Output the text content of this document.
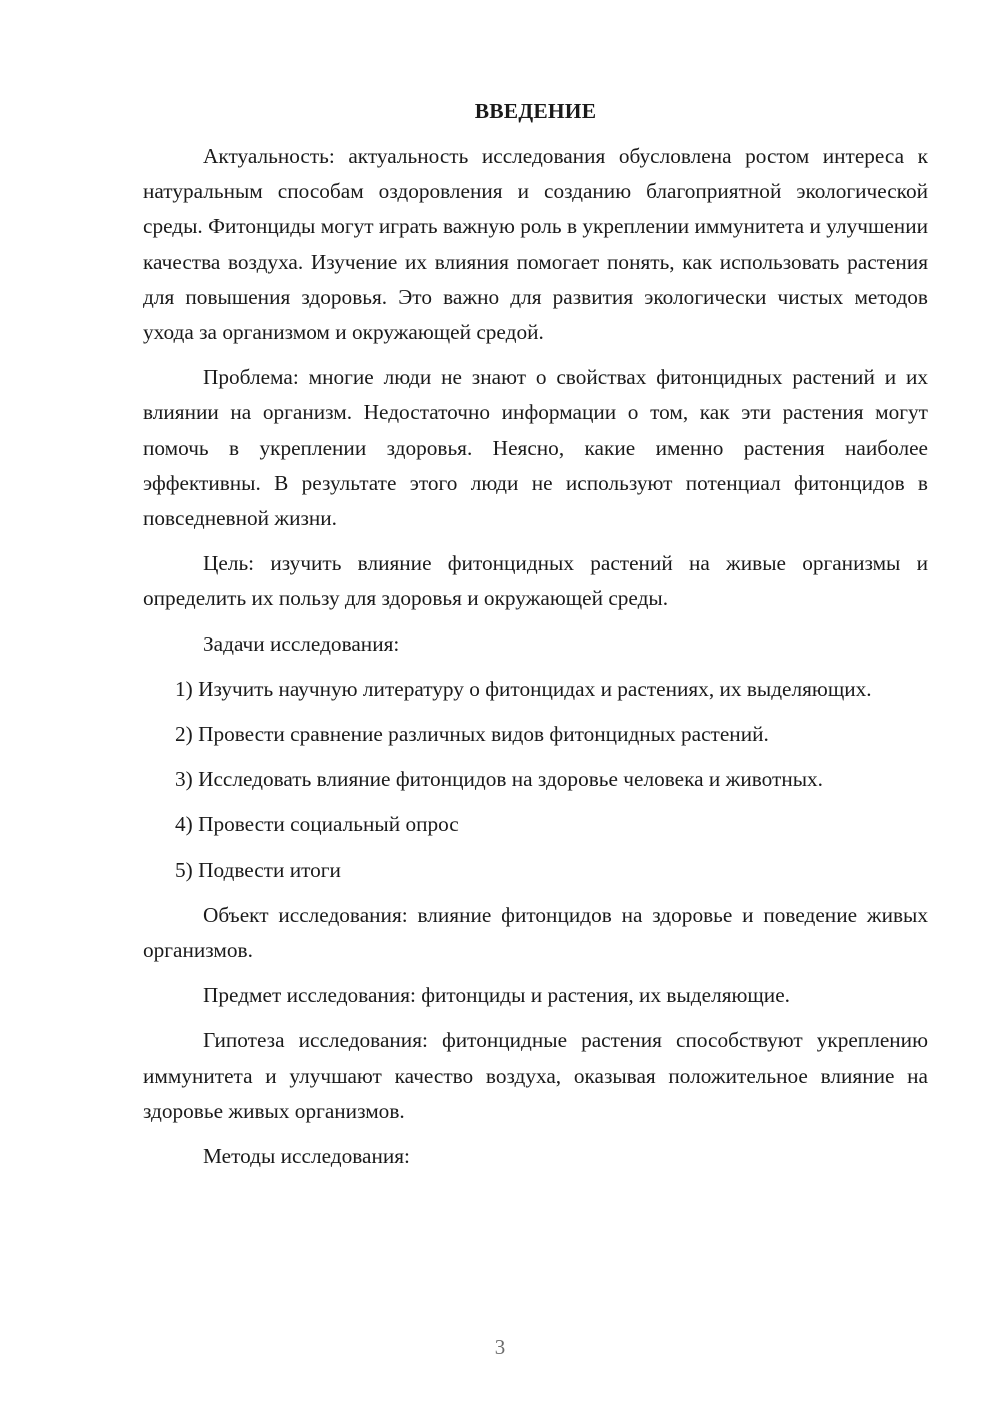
ВВЕДЕНИЕ

Актуальность: актуальность исследования обусловлена ростом интереса к натуральным способам оздоровления и созданию благоприятной экологической среды. Фитонциды могут играть важную роль в укреплении иммунитета и улучшении качества воздуха. Изучение их влияния помогает понять, как использовать растения для повышения здоровья. Это важно для развития экологически чистых методов ухода за организмом и окружающей средой.

Проблема: многие люди не знают о свойствах фитонцидных растений и их влиянии на организм. Недостаточно информации о том, как эти растения могут помочь в укреплении здоровья. Неясно, какие именно растения наиболее эффективны. В результате этого люди не используют потенциал фитонцидов в повседневной жизни.

Цель: изучить влияние фитонцидных растений на живые организмы и определить их пользу для здоровья и окружающей среды.

Задачи исследования:

1) Изучить научную литературу о фитонцидах и растениях, их выделяющих.

2) Провести сравнение различных видов фитонцидных растений.

3) Исследовать влияние фитонцидов на здоровье человека и животных.

4) Провести социальный опрос

5) Подвести итоги

Объект исследования: влияние фитонцидов на здоровье и поведение живых организмов.

Предмет исследования: фитонциды и растения, их выделяющие.

Гипотеза исследования: фитонцидные растения способствуют укреплению иммунитета и улучшают качество воздуха, оказывая положительное влияние на здоровье живых организмов.

Методы исследования:

3
